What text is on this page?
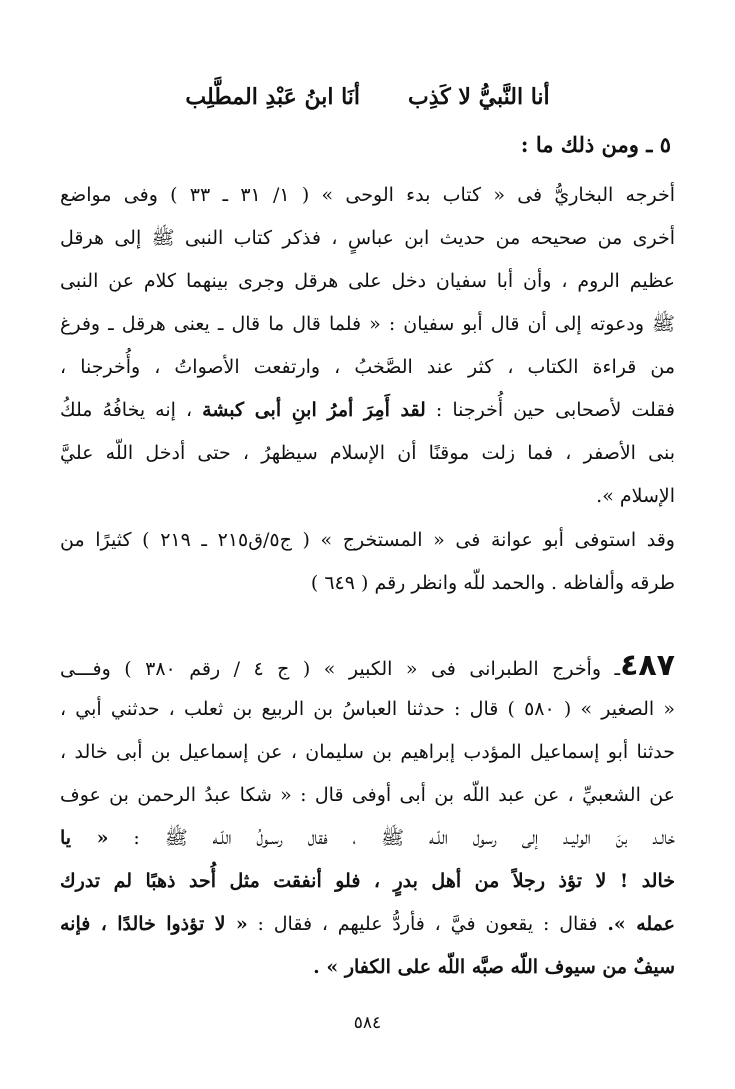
أنا النَّبيُّ لا كَذِبأنَا ابنُ عَبْدِ المطَّلِب
٥ ـ ومن ذلك ما :
أخرجه البخاريُّ فى « كتاب بدء الوحى » ( ١/ ٣١ ـ ٣٣ ) وفى مواضع
أخرى من صحيحه من حديث ابن عباسٍ ، فذكر كتاب النبى ﷺ إلى هرقل
عظيم الروم ، وأن أبا سفيان دخل على هرقل وجرى بينهما كلام عن النبى
ﷺ ودعوته إلى أن قال أبو سفيان : « فلما قال ما قال ـ يعنى هرقل ـ وفرغ
من قراءة الكتاب ، كثر عند الصَّخبُ ، وارتفعت الأصواتُ ، وأُخرجنا ،
فقلت لأصحابى حين أُخرجنا : لقد أَمِرَ أمرُ ابنِ أبى كبشة ، إنه يخافُهُ ملكُ
بنى الأصفر ، فما زلت موقنًا أن الإسلام سيظهرُ ، حتى أدخل اللّه عليَّ
الإسلام ».
وقد استوفى أبو عوانة فى « المستخرج » ( ج٥/ق٢١٥ ـ ٢١٩ ) كثيرًا من
طرقه وألفاظه . والحمد للّه وانظر رقم ( ٦٤٩ )
٤٨٧ـ وأخرج الطبرانى فى « الكبير » ( ج ٤ / رقم ٣٨٠ ) وفـــى
« الصغير » ( ٥٨٠ ) قال : حدثنا العباسُ بن الربيع بن ثعلب ، حدثني أبي ،
حدثنا أبو إسماعيل المؤدب إبراهيم بن سليمان ، عن إسماعيل بن أبى خالد ،
عن الشعبيِّ ، عن عبد اللّه بن أبى أوفى قال : « شكا عبدُ الرحمن بن عوف
خالـد بنَ الوليـد إلى رسول اللّـه ﷺ ، فقال رسـولُ اللّـه ﷺ : « يا
خالد ! لا تؤذ رجلاً من أهل بدرٍ ، فلو أنفقت مثل أُحد ذهبًا لم تدرك
عمله ». فقال : يقعون فيَّ ، فأردُّ عليهم ، فقال : « لا تؤذوا خالدًا ، فإنه
سيفٌ من سيوف اللّه صبَّه اللّه على الكفار » .
٥٨٤
